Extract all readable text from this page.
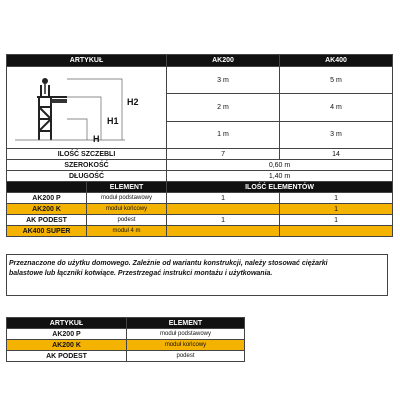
ARTYKUŁ		AK200	AK400

H2
H1
H		3 m	5 m
		2 m	4 m
		1 m	3 m
ILOŚĆ SZCZEBLI		7	14
SZEROKOŚĆ		0,60 m	
DŁUGOŚĆ		1,40 m	
	ELEMENT	ILOŚĆ ELEMENTÓW	
AK200 P	moduł podstawowy	1	1
AK200 K	moduł końcowy		1
AK PODEST	podest	1	1
AK400 SUPER	moduł 4 m		
Przeznaczone do użytku domowego. Zależnie od wariantu konstrukcji, należy stosować ciężarki
balastowe lub łączniki kotwiące. Przestrzegać instrukci montażu i użytkowania.
ARTYKUŁ	ELEMENT
AK200 P	moduł podstawowy
AK200 K	moduł końcowy
AK PODEST	podest
